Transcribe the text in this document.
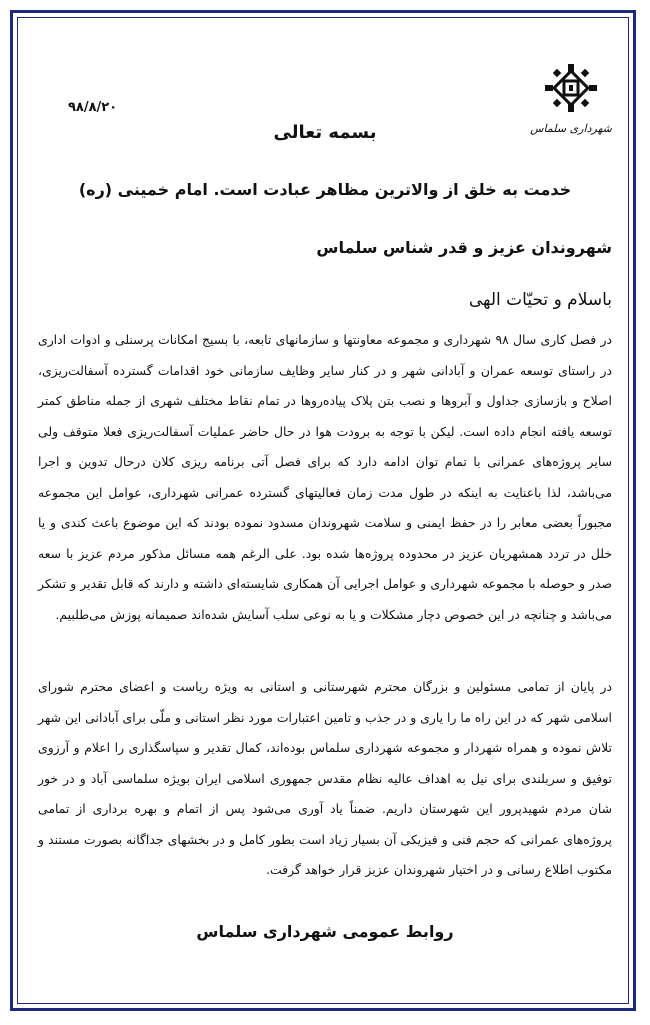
شهرداری سلماس
۹۸/۸/۲۰
بسمه تعالی
خدمت به خلق از والاترین مظاهر عبادت است. امام خمینی (ره)
شهروندان عزیز و قدر شناس سلماس
باسلام و تحیّات الهی

در فصل کاری سال ۹۸ شهرداری و مجموعه معاونتها و سازمانهای تابعه، با بسیج امکانات پرسنلی و ادوات اداری در راستای توسعه عمران و آبادانی شهر و در کنار سایر وظایف سازمانی خود اقدامات گسترده آسفالت‌ریزی، اصلاح و بازسازی جداول و آبروها و نصب بتن پلاک پیاده‌روها در تمام نقاط مختلف شهری از جمله مناطق کمتر توسعه یافته انجام داده است. لیکن با توجه به برودت هوا در حال حاضر عملیات آسفالت‌ریزی فعلا متوقف ولی سایر پروژه‌های عمرانی با تمام توان ادامه دارد که برای فصل آتی برنامه ریزی کلان درحال تدوین و اجرا می‌باشد، لذا باعنایت به اینکه در طول مدت زمان فعالیتهای گسترده عمرانی شهرداری، عوامل این مجموعه مجبوراً بعضی معابر را در حفظ ایمنی و سلامت شهروندان مسدود نموده بودند که این موضوع باعث کندی و یا خلل در تردد همشهریان عزیز در محدوده پروژه‌ها شده بود. علی الرغم همه مسائل مذکور مردم عزیز با سعه صدر و حوصله با مجموعه شهرداری و عوامل اجرایی آن همکاری شایسته‌ای داشته و دارند که قابل تقدیر و تشکر می‌باشد و چنانچه در این خصوص دچار مشکلات و یا به نوعی سلب آسایش شده‌اند صمیمانه پوزش می‌طلبیم.

در پایان از تمامی مسئولین و بزرگان محترم شهرستانی و استانی به ویژه ریاست و اعضای محترم شورای اسلامی شهر که در این راه ما را یاری و در جذب و تامین اعتبارات مورد نظر استانی و ملّی برای آبادانی این شهر تلاش نموده و همراه شهردار و مجموعه شهرداری سلماس بوده‌اند، کمال تقدیر و سپاسگذاری را اعلام و آرزوی توفیق و سربلندی برای نیل به اهداف عالیه نظام مقدس جمهوری اسلامی ایران بویژه سلماسی آباد و در خور شان مردم شهیدپرور این شهرستان داریم. ضمناً یاد آوری می‌شود پس از اتمام و بهره برداری از تمامی پروژه‌های عمرانی که حجم فنی و فیزیکی آن بسیار زیاد است بطور کامل و در بخشهای جداگانه بصورت مستند و مکتوب اطلاع رسانی و در اختیار شهروندان عزیز قرار خواهد گرفت.

روابط عمومی شهرداری سلماس
